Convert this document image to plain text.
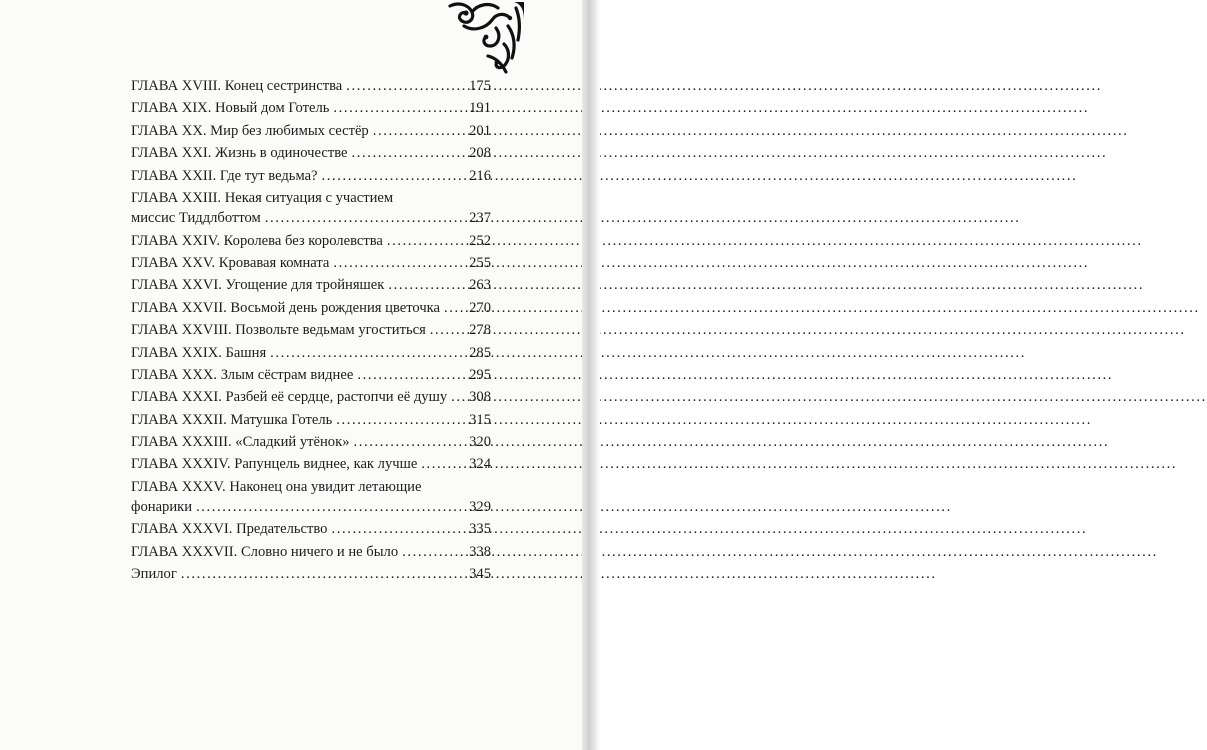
ГЛАВА XVIII. Конец сестринства .....	175
ГЛАВА XIX. Новый дом Готель .....	191
ГЛАВА XX. Мир без любимых сестёр .....	201
ГЛАВА XXI. Жизнь в одиночестве .....	208
ГЛАВА XXII. Где тут ведьма? .....	216
ГЛАВА XXIII. Некая ситуация с участием
миссис Тиддлботтом .....	237
ГЛАВА XXIV. Королева без королевства .....	252
ГЛАВА XXV. Кровавая комната .....	255
ГЛАВА XXVI. Угощение для тройняшек .....	263
ГЛАВА XXVII. Восьмой день рождения цветочка ..... 270
ГЛАВА XXVIII. Позвольте ведьмам угоститься .....	278
ГЛАВА XXIX. Башня .....	285
ГЛАВА XXX. Злым сёстрам виднее .....	295
ГЛАВА XXXI. Разбей её сердце, растопчи её душу ..... 308
ГЛАВА XXXII. Матушка Готель .....	315
ГЛАВА XXXIII. «Сладкий утёнок» .....	320
ГЛАВА XXXIV. Рапунцель виднее, как лучше .....	324
ГЛАВА XXXV. Наконец она увидит летающие
фонарики .....	329
ГЛАВА XXXVI. Предательство .....	335
ГЛАВА XXXVII. Словно ничего и не было .....	338
Эпилог .....	345
